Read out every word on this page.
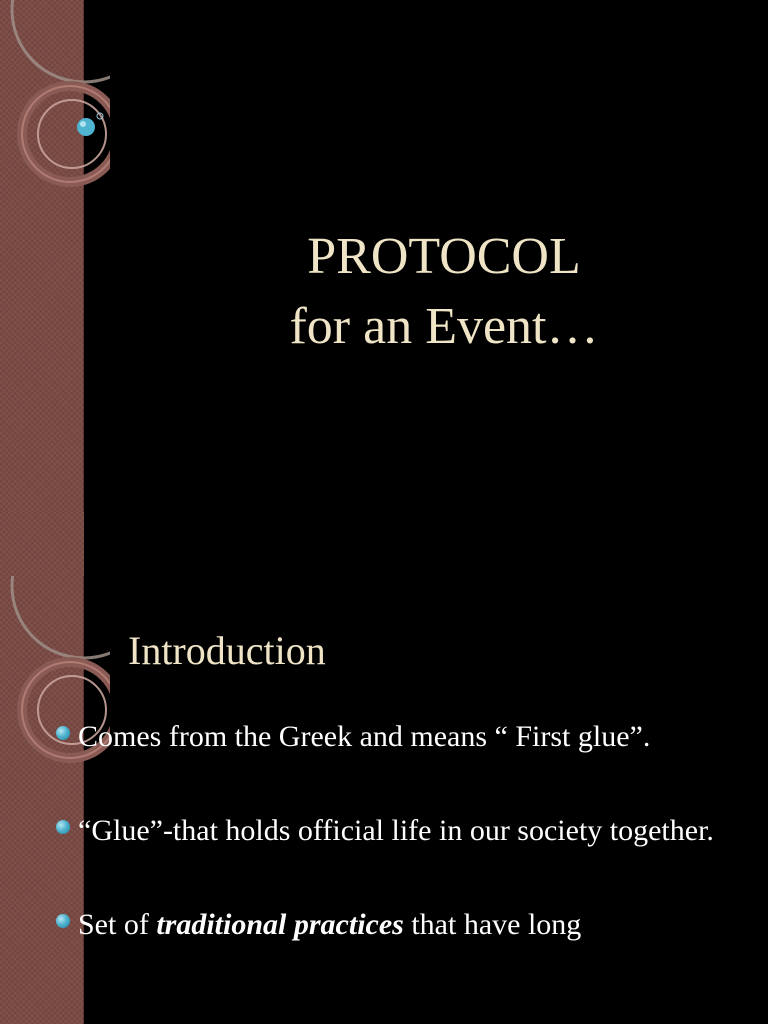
PROTOCOL
for an Event…
Introduction
Comes from the Greek and means “ First glue”.
“Glue”-that holds official life in our society together.
Set of traditional practices that have long
